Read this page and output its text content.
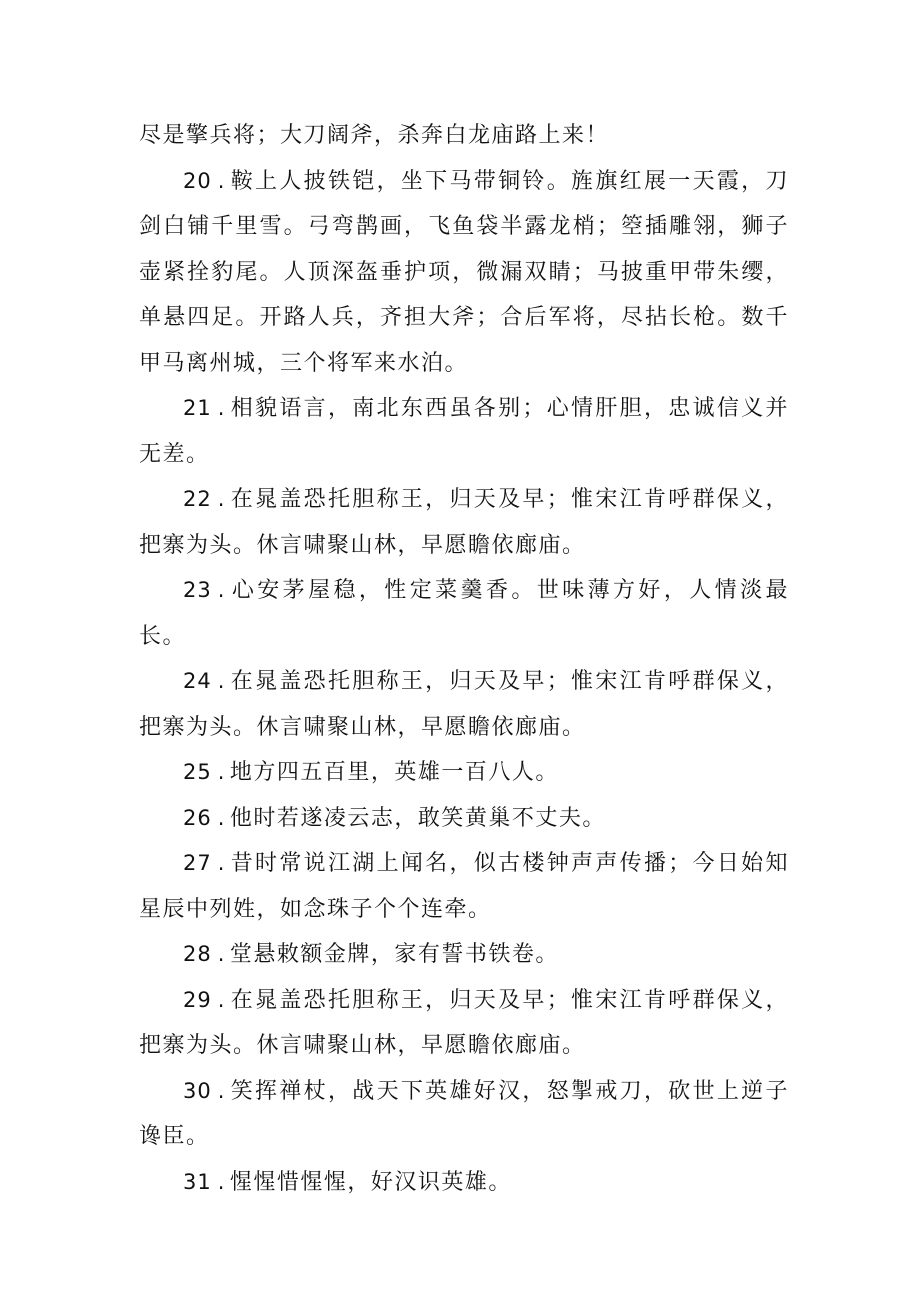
尽是擎兵将；大刀阔斧，杀奔白龙庙路上来！

20 . 鞍上人披铁铠，坐下马带铜铃。旌旗红展一天霞，刀剑白铺千里雪。弓弯鹊画，飞鱼袋半露龙梢；箜插雕翎，狮子壶紧拴豹尾。人顶深盔垂护项，微漏双睛；马披重甲带朱缨，单悬四足。开路人兵，齐担大斧；合后军将，尽拈长枪。数千甲马离州城，三个将军来水泊。

21 . 相貌语言，南北东西虽各别；心情肝胆，忠诚信义并无差。

22 . 在晁盖恐托胆称王，归天及早；惟宋江肯呼群保义，把寨为头。休言啸聚山林，早愿瞻依廊庙。

23 . 心安茅屋稳，性定菜羹香。世味薄方好，人情淡最长。

24 . 在晁盖恐托胆称王，归天及早；惟宋江肯呼群保义，把寨为头。休言啸聚山林，早愿瞻依廊庙。

25 . 地方四五百里，英雄一百八人。

26 . 他时若遂凌云志，敢笑黄巢不丈夫。

27 . 昔时常说江湖上闻名，似古楼钟声声传播；今日始知星辰中列姓，如念珠子个个连牵。

28 . 堂悬敕额金牌，家有誓书铁卷。

29 . 在晁盖恐托胆称王，归天及早；惟宋江肯呼群保义，把寨为头。休言啸聚山林，早愿瞻依廊庙。

30 . 笑挥禅杖，战天下英雄好汉，怒掣戒刀，砍世上逆子谗臣。

31 . 惺惺惜惺惺，好汉识英雄。
